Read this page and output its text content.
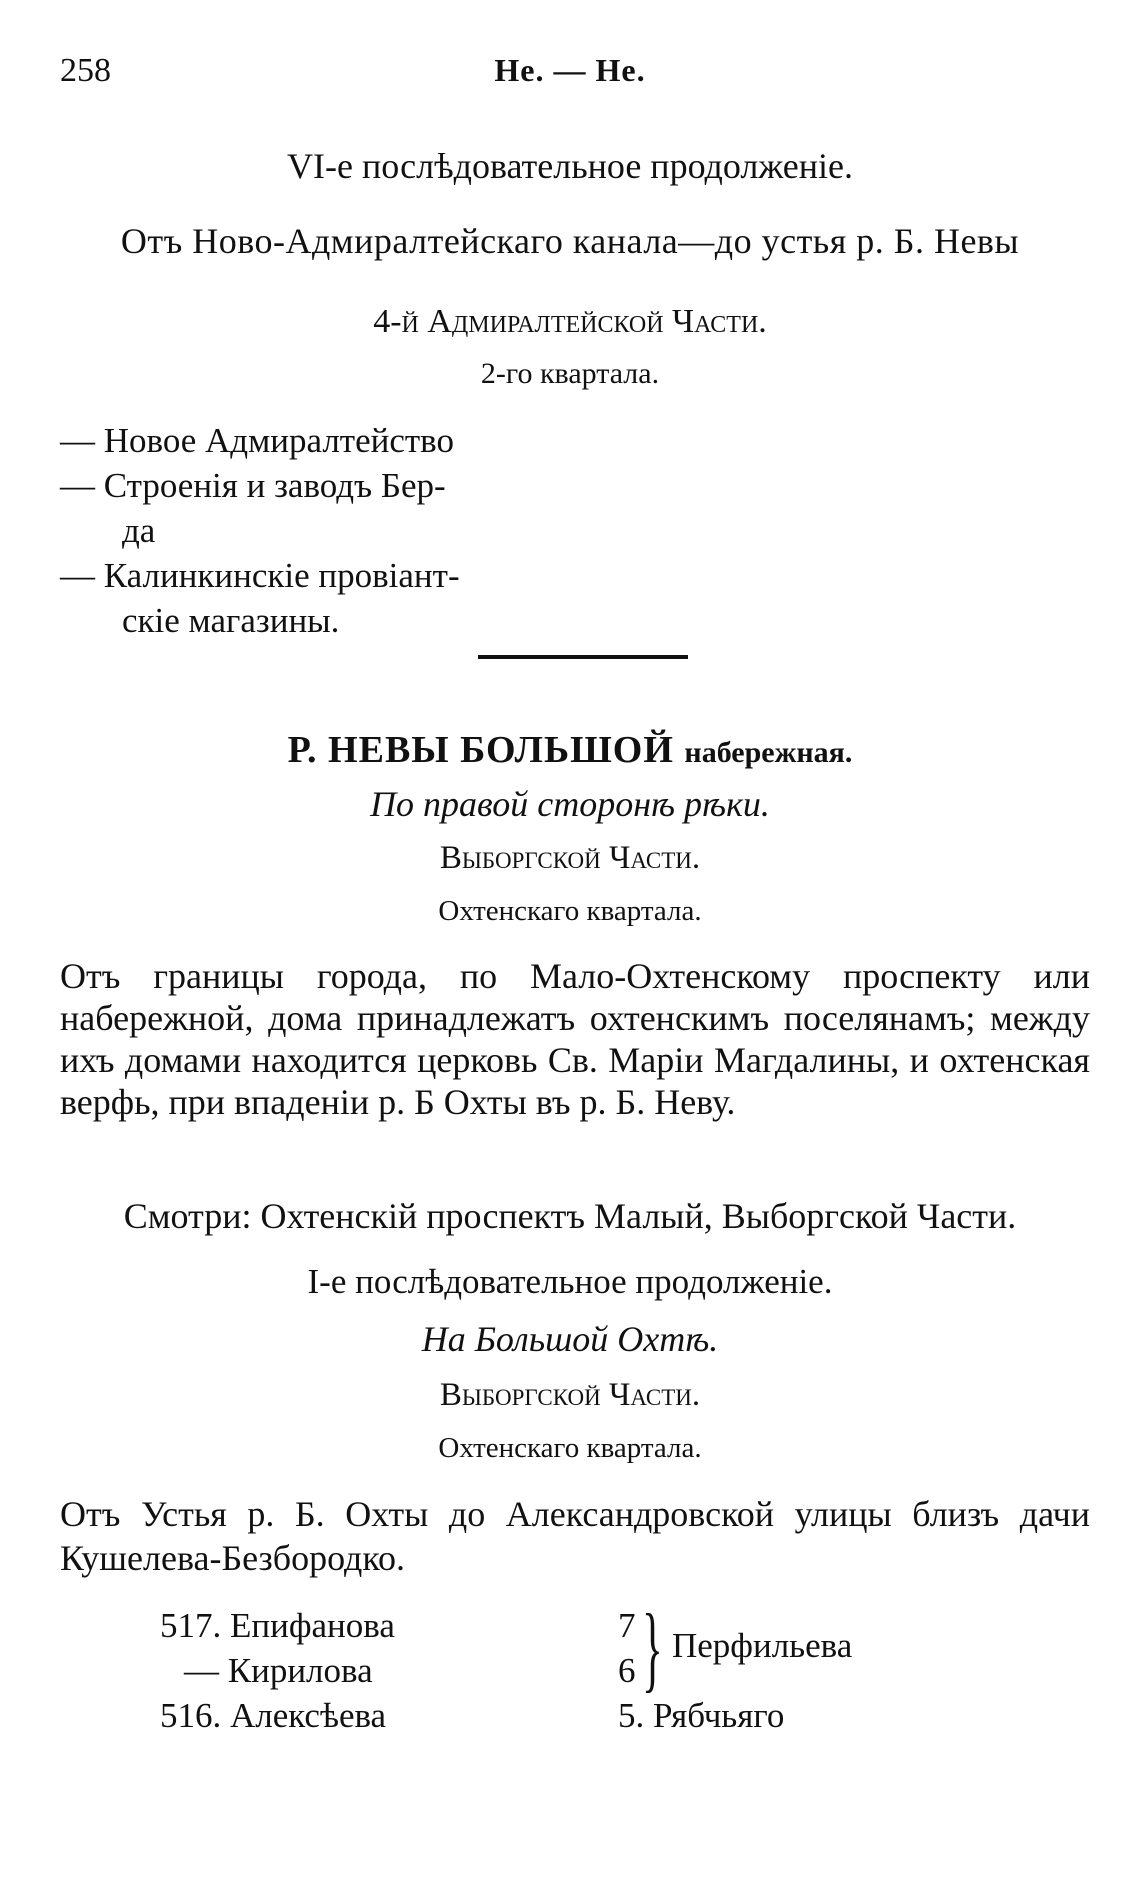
258	Не. — Не.
VI-е послѣдовательное продолженіе.
Отъ Ново-Адмиралтейскаго канала—до устья р. Б. Невы
4-й Адмиралтейской Части.
2-го квартала.
— Новое Адмиралтейство
— Строенія и заводъ Бер-
да
— Калинкинскіе провіант-
скіе магазины.
Р. НЕВЫ БОЛЬШОЙ набережная.
По правой сторонѣ рѣки.
Выборгской Части.
Охтенскаго квартала.
Отъ границы города, по Мало-Охтенскому проспекту или набережной, дома принадлежатъ охтенскимъ поселянамъ; между ихъ домами находится церковь Св. Маріи Магдалины, и охтенская верфь, при впаденіи р. Б Охты въ р. Б. Неву.
Смотри: Охтенскій проспектъ Малый, Выборгской Части.
I-е послѣдовательное продолженіе.
На Большой Охтѣ.
Выборгской Части.
Охтенскаго квартала.
Отъ Устья р. Б. Охты до Александровской улицы близъ дачи Кушелева-Безбородко.
517. Епифанова
— Кирилова
516. Алексѣева
7
6
5. Рябчьяго
} Перфильева
